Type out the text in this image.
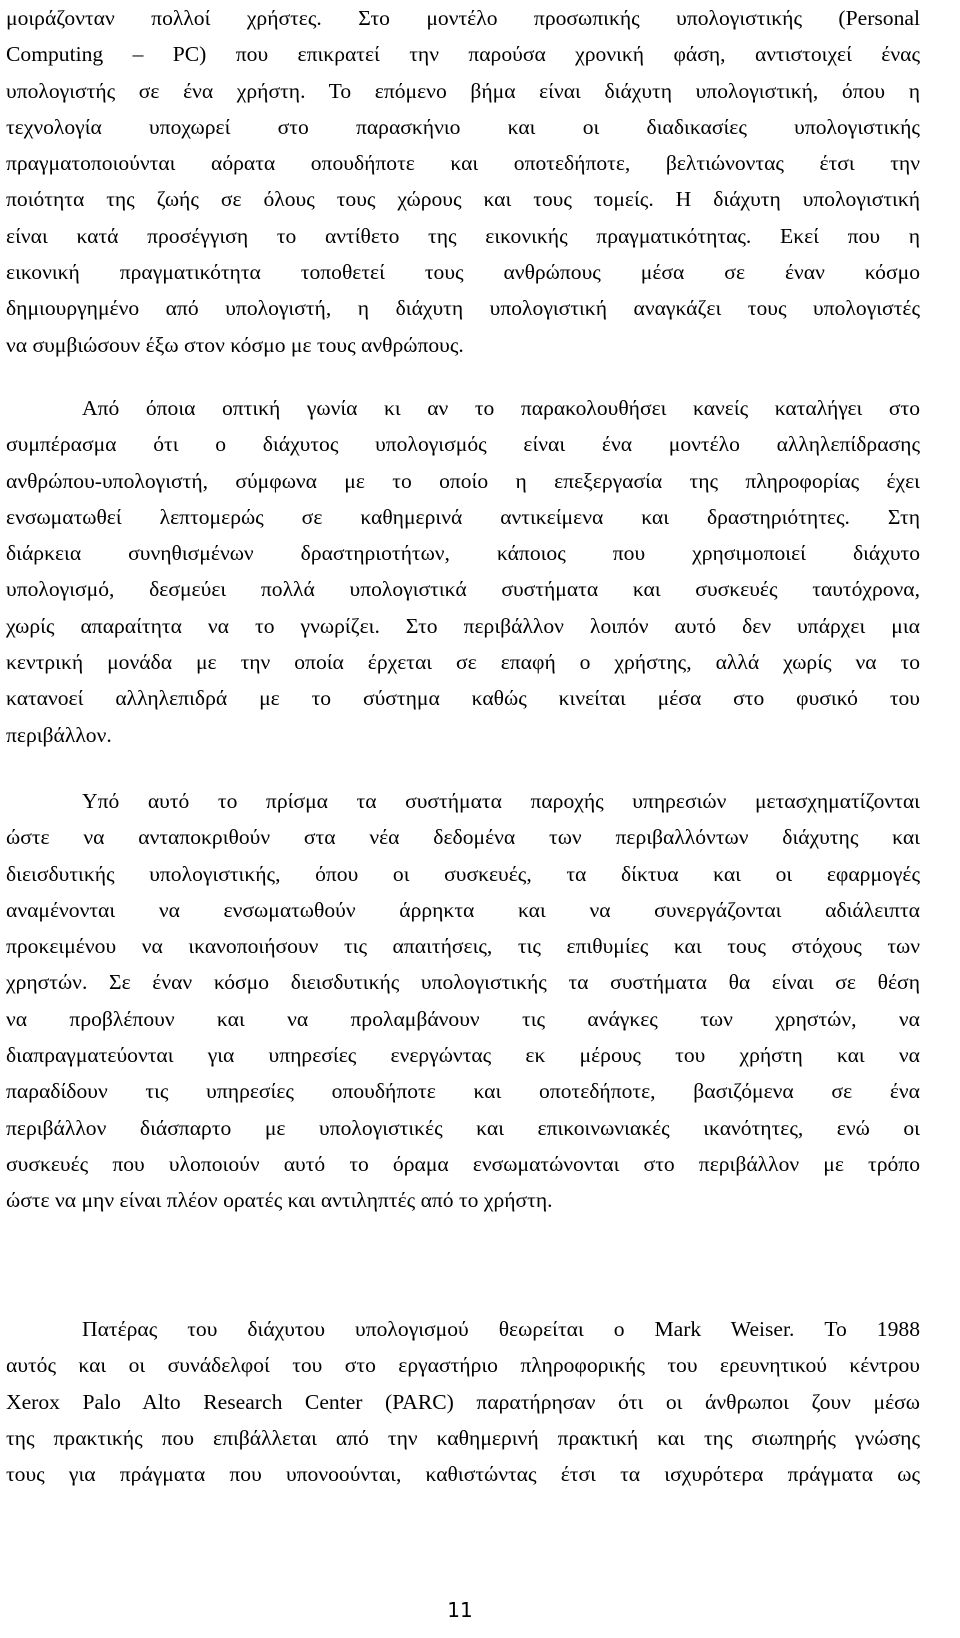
μοιράζονταν πολλοί χρήστες. Στο μοντέλο προσωπικής υπολογιστικής (Personal
Computing – PC) που επικρατεί την παρούσα χρονική φάση, αντιστοιχεί ένας
υπολογιστής σε ένα χρήστη. Το επόμενο βήμα είναι διάχυτη υπολογιστική, όπου η
τεχνολογία υποχωρεί στο παρασκήνιο και οι διαδικασίες υπολογιστικής
πραγματοποιούνται αόρατα οπουδήποτε και οποτεδήποτε, βελτιώνοντας έτσι την
ποιότητα της ζωής σε όλους τους χώρους και τους τομείς. Η διάχυτη υπολογιστική
είναι κατά προσέγγιση το αντίθετο της εικονικής πραγματικότητας. Εκεί που η
εικονική πραγματικότητα τοποθετεί τους ανθρώπους μέσα σε έναν κόσμο
δημιουργημένο από υπολογιστή, η διάχυτη υπολογιστική αναγκάζει τους υπολογιστές
να συμβιώσουν έξω στον κόσμο με τους ανθρώπους.
Από όποια οπτική γωνία κι αν το παρακολουθήσει κανείς καταλήγει στο
συμπέρασμα ότι ο διάχυτος υπολογισμός είναι ένα μοντέλο αλληλεπίδρασης
ανθρώπου-υπολογιστή, σύμφωνα με το οποίο η επεξεργασία της πληροφορίας έχει
ενσωματωθεί λεπτομερώς σε καθημερινά αντικείμενα και δραστηριότητες. Στη
διάρκεια συνηθισμένων δραστηριοτήτων, κάποιος που χρησιμοποιεί διάχυτο
υπολογισμό, δεσμεύει πολλά υπολογιστικά συστήματα και συσκευές ταυτόχρονα,
χωρίς απαραίτητα να το γνωρίζει. Στο περιβάλλον λοιπόν αυτό δεν υπάρχει μια
κεντρική μονάδα με την οποία έρχεται σε επαφή ο χρήστης, αλλά χωρίς να το
κατανοεί αλληλεπιδρά με το σύστημα καθώς κινείται μέσα στο φυσικό του
περιβάλλον.
Υπό αυτό το πρίσμα τα συστήματα παροχής υπηρεσιών μετασχηματίζονται
ώστε να ανταποκριθούν στα νέα δεδομένα των περιβαλλόντων διάχυτης και
διεισδυτικής υπολογιστικής, όπου οι συσκευές, τα δίκτυα και οι εφαρμογές
αναμένονται να ενσωματωθούν άρρηκτα και να συνεργάζονται αδιάλειπτα
προκειμένου να ικανοποιήσουν τις απαιτήσεις, τις επιθυμίες και τους στόχους των
χρηστών. Σε έναν κόσμο διεισδυτικής υπολογιστικής τα συστήματα θα είναι σε θέση
να προβλέπουν και να προλαμβάνουν τις ανάγκες των χρηστών, να
διαπραγματεύονται για υπηρεσίες ενεργώντας εκ μέρους του χρήστη και να
παραδίδουν τις υπηρεσίες οπουδήποτε και οποτεδήποτε, βασιζόμενα σε ένα
περιβάλλον διάσπαρτο με υπολογιστικές και επικοινωνιακές ικανότητες, ενώ οι
συσκευές που υλοποιούν αυτό το όραμα ενσωματώνονται στο περιβάλλον με τρόπο
ώστε να μην είναι πλέον ορατές και αντιληπτές από το χρήστη.
Πατέρας του διάχυτου υπολογισμού θεωρείται ο Mark Weiser. Το 1988
αυτός και οι συνάδελφοί του στο εργαστήριο πληροφορικής του ερευνητικού κέντρου
Xerox Palo Alto Research Center (PARC) παρατήρησαν ότι οι άνθρωποι ζουν μέσω
της πρακτικής που επιβάλλεται από την καθημερινή πρακτική και της σιωπηρής γνώσης
τους για πράγματα που υπονοούνται, καθιστώντας έτσι τα ισχυρότερα πράγματα ως
11
